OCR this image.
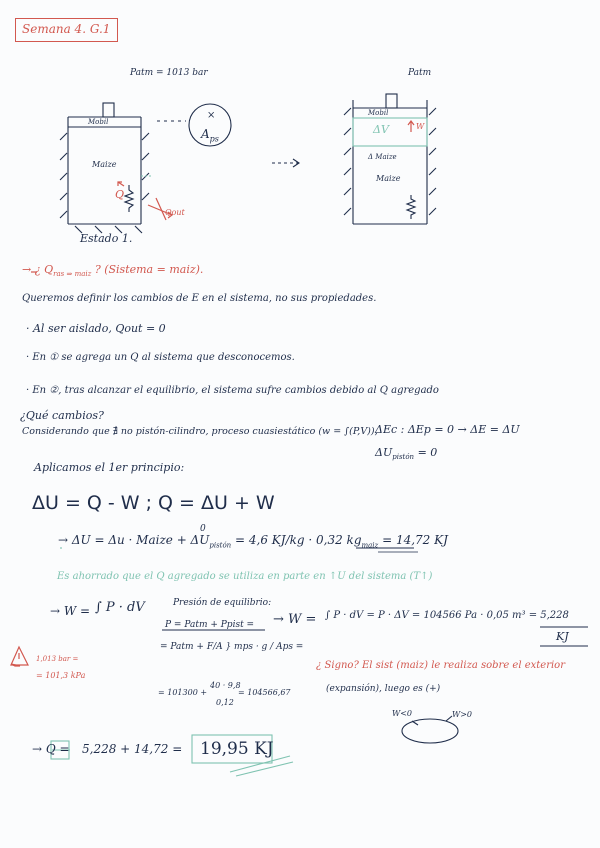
Semana 4. G.1
Patm = 1013 bar
Mobil
$A_{ps}$
×
Maize
Q
Qout
Estado 1.
Patm
Mobil
ΔV	W
Δ Maize
Maize
→ ¿ $Q_{ras \Rightarrow maiz}$ ? (Sistema = maiz).
Queremos definir los cambios de E en el sistema, no sus propiedades.
· Al ser aislado, Qout = 0
· En ① se agrega un Q al sistema que desconocemos.
· En ②, tras alcanzar el equilibrio, el sistema sufre cambios debido al Q agregado
¿Qué cambios?
Considerando que ∄ no pistón-cilindro, proceso cuasiestático (w = ∫(P,V)),
ΔEc : ΔEp = 0 → ΔE = ΔU
$\Delta U_{pistón} = 0$
Aplicamos el 1er principio:
ΔU = Q - W ; Q = ΔU + W
→ ΔU = Δu · Maize + $\Delta U_{pistón} = 4,6$ KJ/kg · 0,32 $kg_{maiz} = 14,72$ KJ
0
Es ahorrado que el Q agregado se utiliza en parte en ↑U del sistema (T↑)
→ W = ∫ P · dV	Presión de equilibrio:
P = Patm + Ppist =
= Patm + F/A } mps · g / Aps =
= 101300 +
40 · 9,8
0,12
= 104566,67
→ W = ∫ P · dV = P · ΔV = 104566 Pa · 0,05 m³ = 5,228
KJ
1,013 bar =
= 101,3 kPa
¿ Signo? El sist (maiz) le realiza sobre el exterior
(expansión), luego es (+)
W<0	W>0
→ Q = 5,228 + 14,72 = 19,95 KJ
